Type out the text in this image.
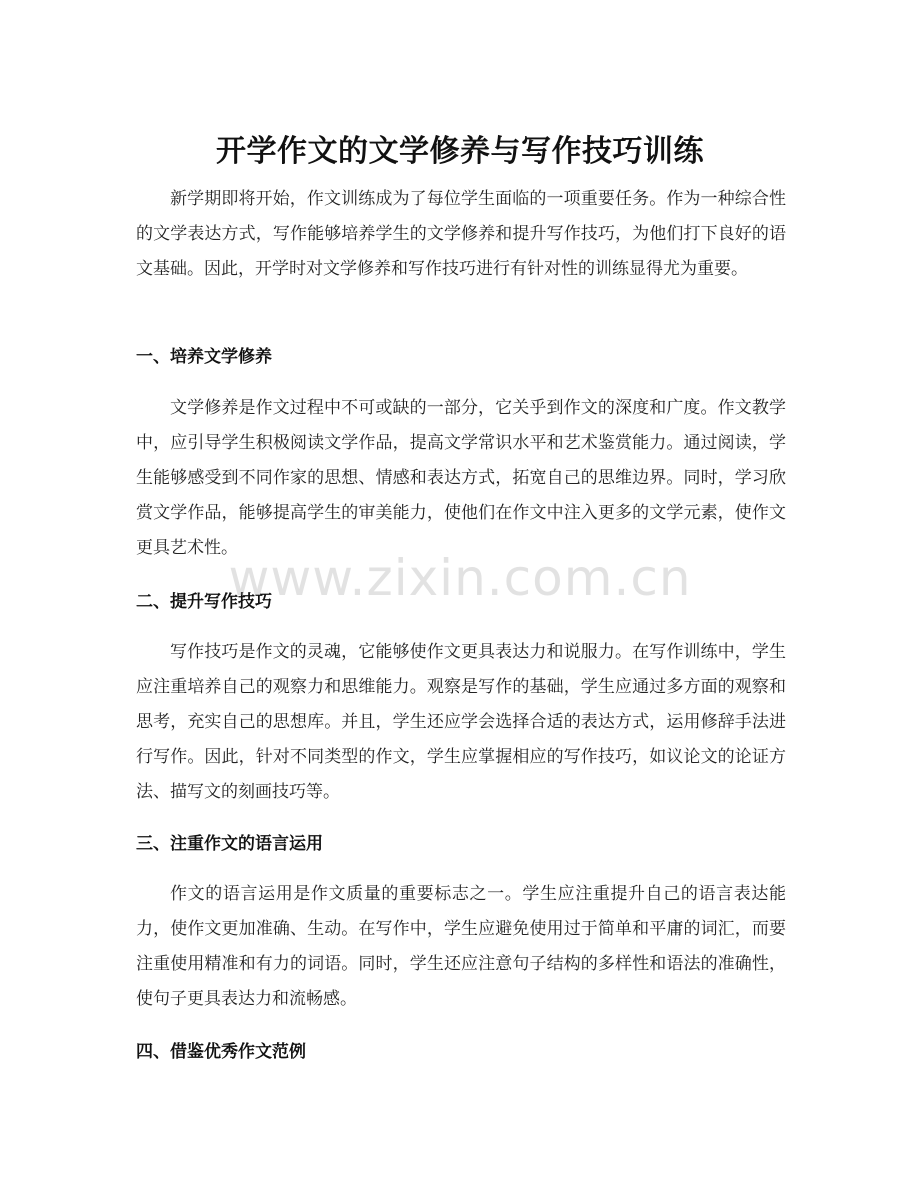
开学作文的文学修养与写作技巧训练

新学期即将开始，作文训练成为了每位学生面临的一项重要任务。作为一种综合性的文学表达方式，写作能够培养学生的文学修养和提升写作技巧，为他们打下良好的语文基础。因此，开学时对文学修养和写作技巧进行有针对性的训练显得尤为重要。

一、培养文学修养

文学修养是作文过程中不可或缺的一部分，它关乎到作文的深度和广度。作文教学中，应引导学生积极阅读文学作品，提高文学常识水平和艺术鉴赏能力。通过阅读，学生能够感受到不同作家的思想、情感和表达方式，拓宽自己的思维边界。同时，学习欣赏文学作品，能够提高学生的审美能力，使他们在作文中注入更多的文学元素，使作文更具艺术性。

二、提升写作技巧

写作技巧是作文的灵魂，它能够使作文更具表达力和说服力。在写作训练中，学生应注重培养自己的观察力和思维能力。观察是写作的基础，学生应通过多方面的观察和思考，充实自己的思想库。并且，学生还应学会选择合适的表达方式，运用修辞手法进行写作。因此，针对不同类型的作文，学生应掌握相应的写作技巧，如议论文的论证方法、描写文的刻画技巧等。

三、注重作文的语言运用

作文的语言运用是作文质量的重要标志之一。学生应注重提升自己的语言表达能力，使作文更加准确、生动。在写作中，学生应避免使用过于简单和平庸的词汇，而要注重使用精准和有力的词语。同时，学生还应注意句子结构的多样性和语法的准确性，使句子更具表达力和流畅感。

四、借鉴优秀作文范例
www.zixin.com.cn
